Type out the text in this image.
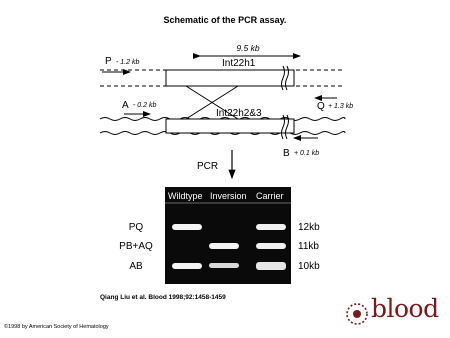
Schematic of the PCR assay.
9.5 kb
Int22h1
P - 1.2 kb
Q + 1.3 kb
Int22h2&3
A - 0.2 kb
B + 0.1 kb
PCR
Wildtype Inversion Carrier
PQ
PB+AQ
AB
12kb
11kb
10kb
Qiang Liu et al. Blood 1998;92:1458-1459
©1998 by American Society of Hematology
blood
